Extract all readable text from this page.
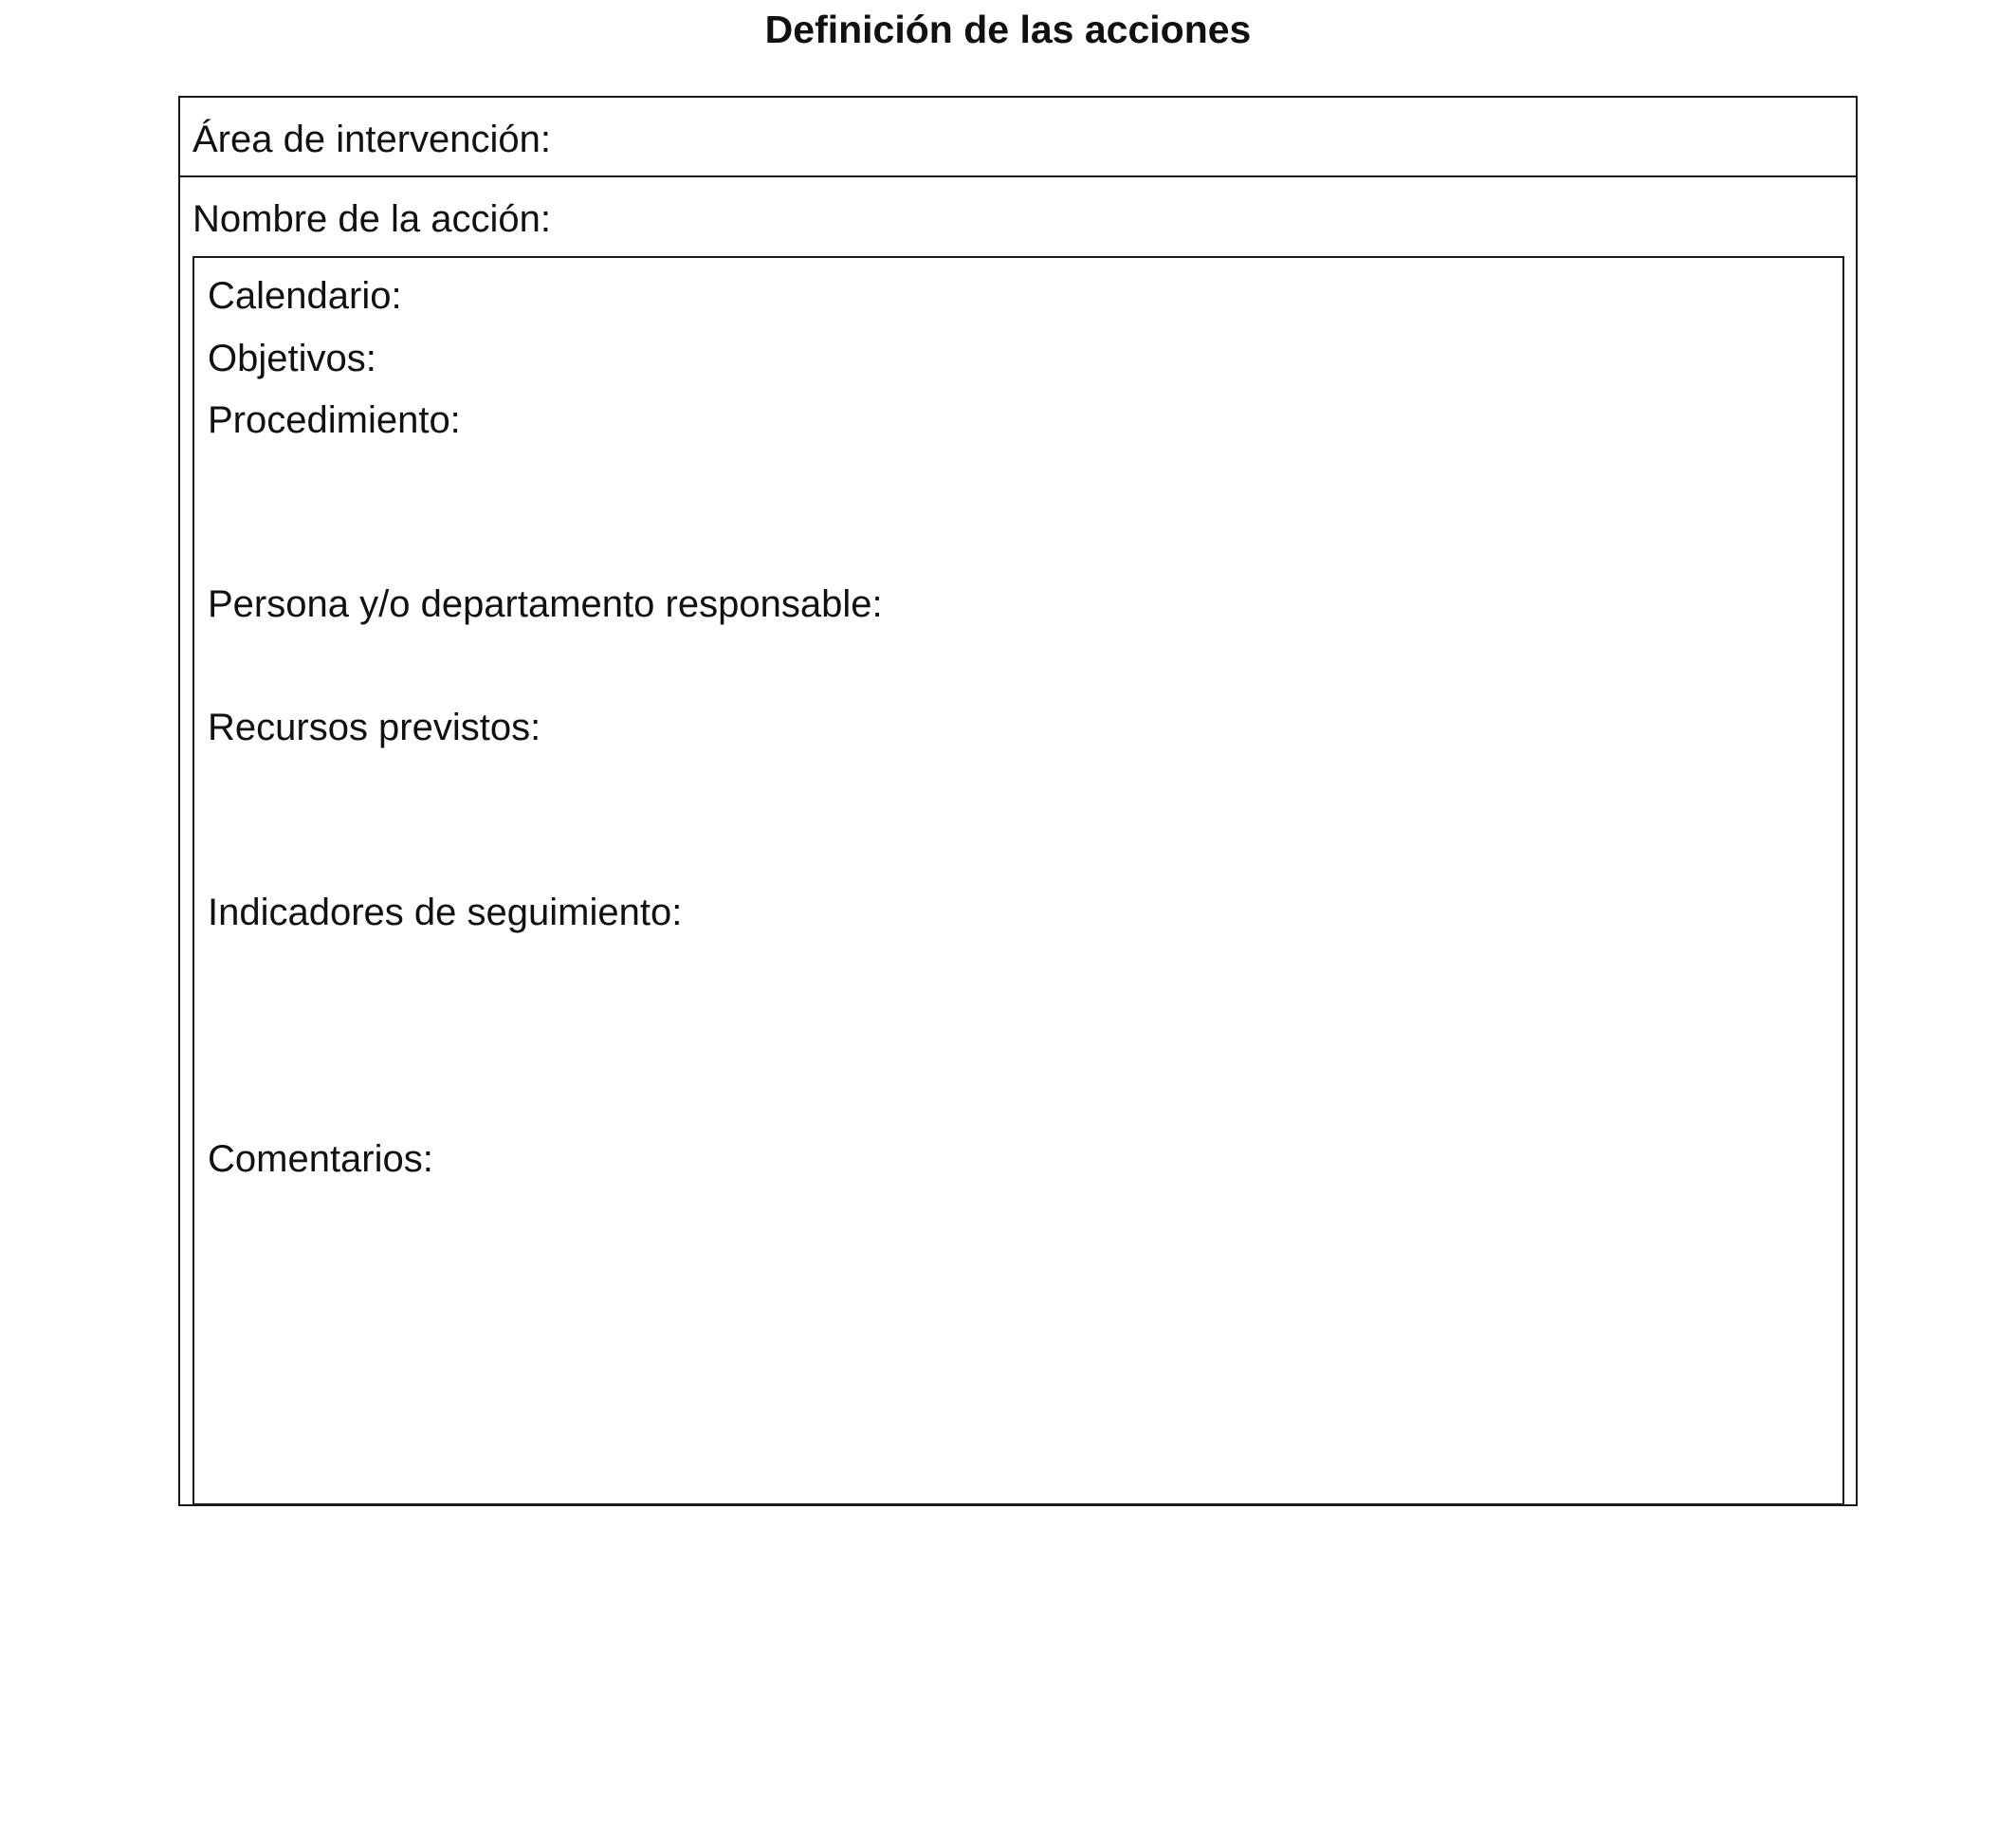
Definición de las acciones
Área de intervención:
Nombre de la acción:
Calendario:
Objetivos:
Procedimiento:
Persona y/o departamento responsable:
Recursos previstos:
Indicadores de seguimiento:
Comentarios:
